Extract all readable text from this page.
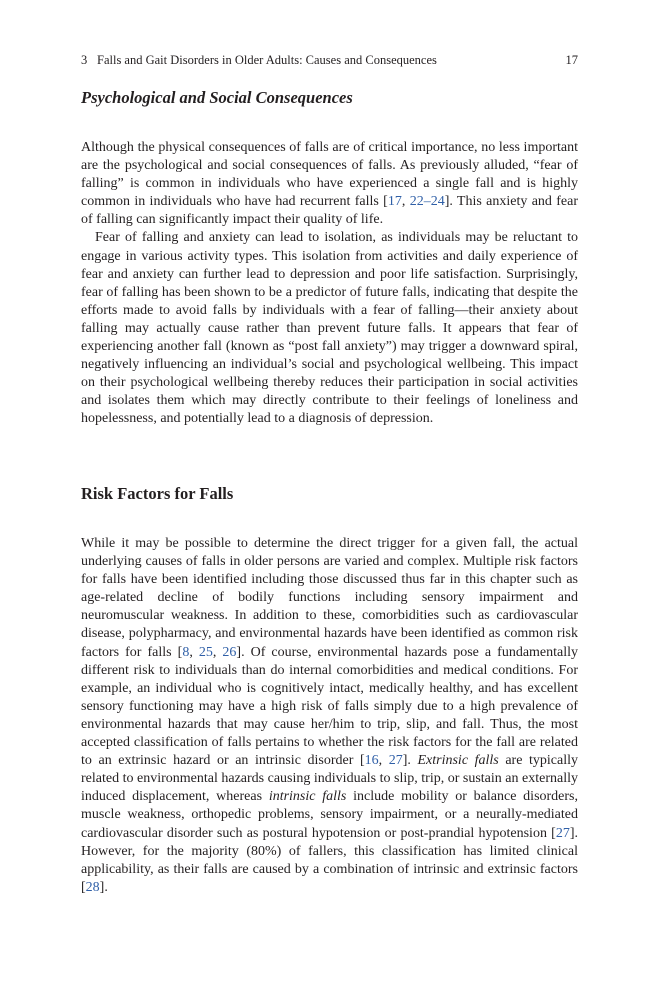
3 Falls and Gait Disorders in Older Adults: Causes and Consequences	17
Psychological and Social Consequences

Although the physical consequences of falls are of critical importance, no less important are the psychological and social consequences of falls. As previously alluded, “fear of falling” is common in individuals who have experienced a single fall and is highly common in individuals who have had recurrent falls [17, 22–24]. This anxiety and fear of falling can significantly impact their quality of life.

Fear of falling and anxiety can lead to isolation, as individuals may be reluctant to engage in various activity types. This isolation from activities and daily experience of fear and anxiety can further lead to depression and poor life satisfaction. Surprisingly, fear of falling has been shown to be a predictor of future falls, indicating that despite the efforts made to avoid falls by individuals with a fear of falling—their anxiety about falling may actually cause rather than prevent future falls. It appears that fear of experiencing another fall (known as “post fall anxiety”) may trigger a downward spiral, negatively influencing an individual’s social and psychological wellbeing. This impact on their psychological wellbeing thereby reduces their participation in social activities and isolates them which may directly contribute to their feelings of loneliness and hopelessness, and potentially lead to a diagnosis of depression.

Risk Factors for Falls

While it may be possible to determine the direct trigger for a given fall, the actual underlying causes of falls in older persons are varied and complex. Multiple risk factors for falls have been identified including those discussed thus far in this chapter such as age-related decline of bodily functions including sensory impairment and neuromuscular weakness. In addition to these, comorbidities such as cardiovascular disease, polypharmacy, and environmental hazards have been identified as common risk factors for falls [8, 25, 26]. Of course, environmental hazards pose a fundamentally different risk to individuals than do internal comorbidities and medical conditions. For example, an individual who is cognitively intact, medically healthy, and has excellent sensory functioning may have a high risk of falls simply due to a high prevalence of environmental hazards that may cause her/him to trip, slip, and fall. Thus, the most accepted classification of falls pertains to whether the risk factors for the fall are related to an extrinsic hazard or an intrinsic disorder [16, 27]. Extrinsic falls are typically related to environmental hazards causing individuals to slip, trip, or sustain an externally induced displacement, whereas intrinsic falls include mobility or balance disorders, muscle weakness, orthopedic problems, sensory impairment, or a neurally-mediated cardiovascular disorder such as postural hypotension or post-prandial hypotension [27]. However, for the majority (80%) of fallers, this classification has limited clinical applicability, as their falls are caused by a combination of intrinsic and extrinsic factors [28].
